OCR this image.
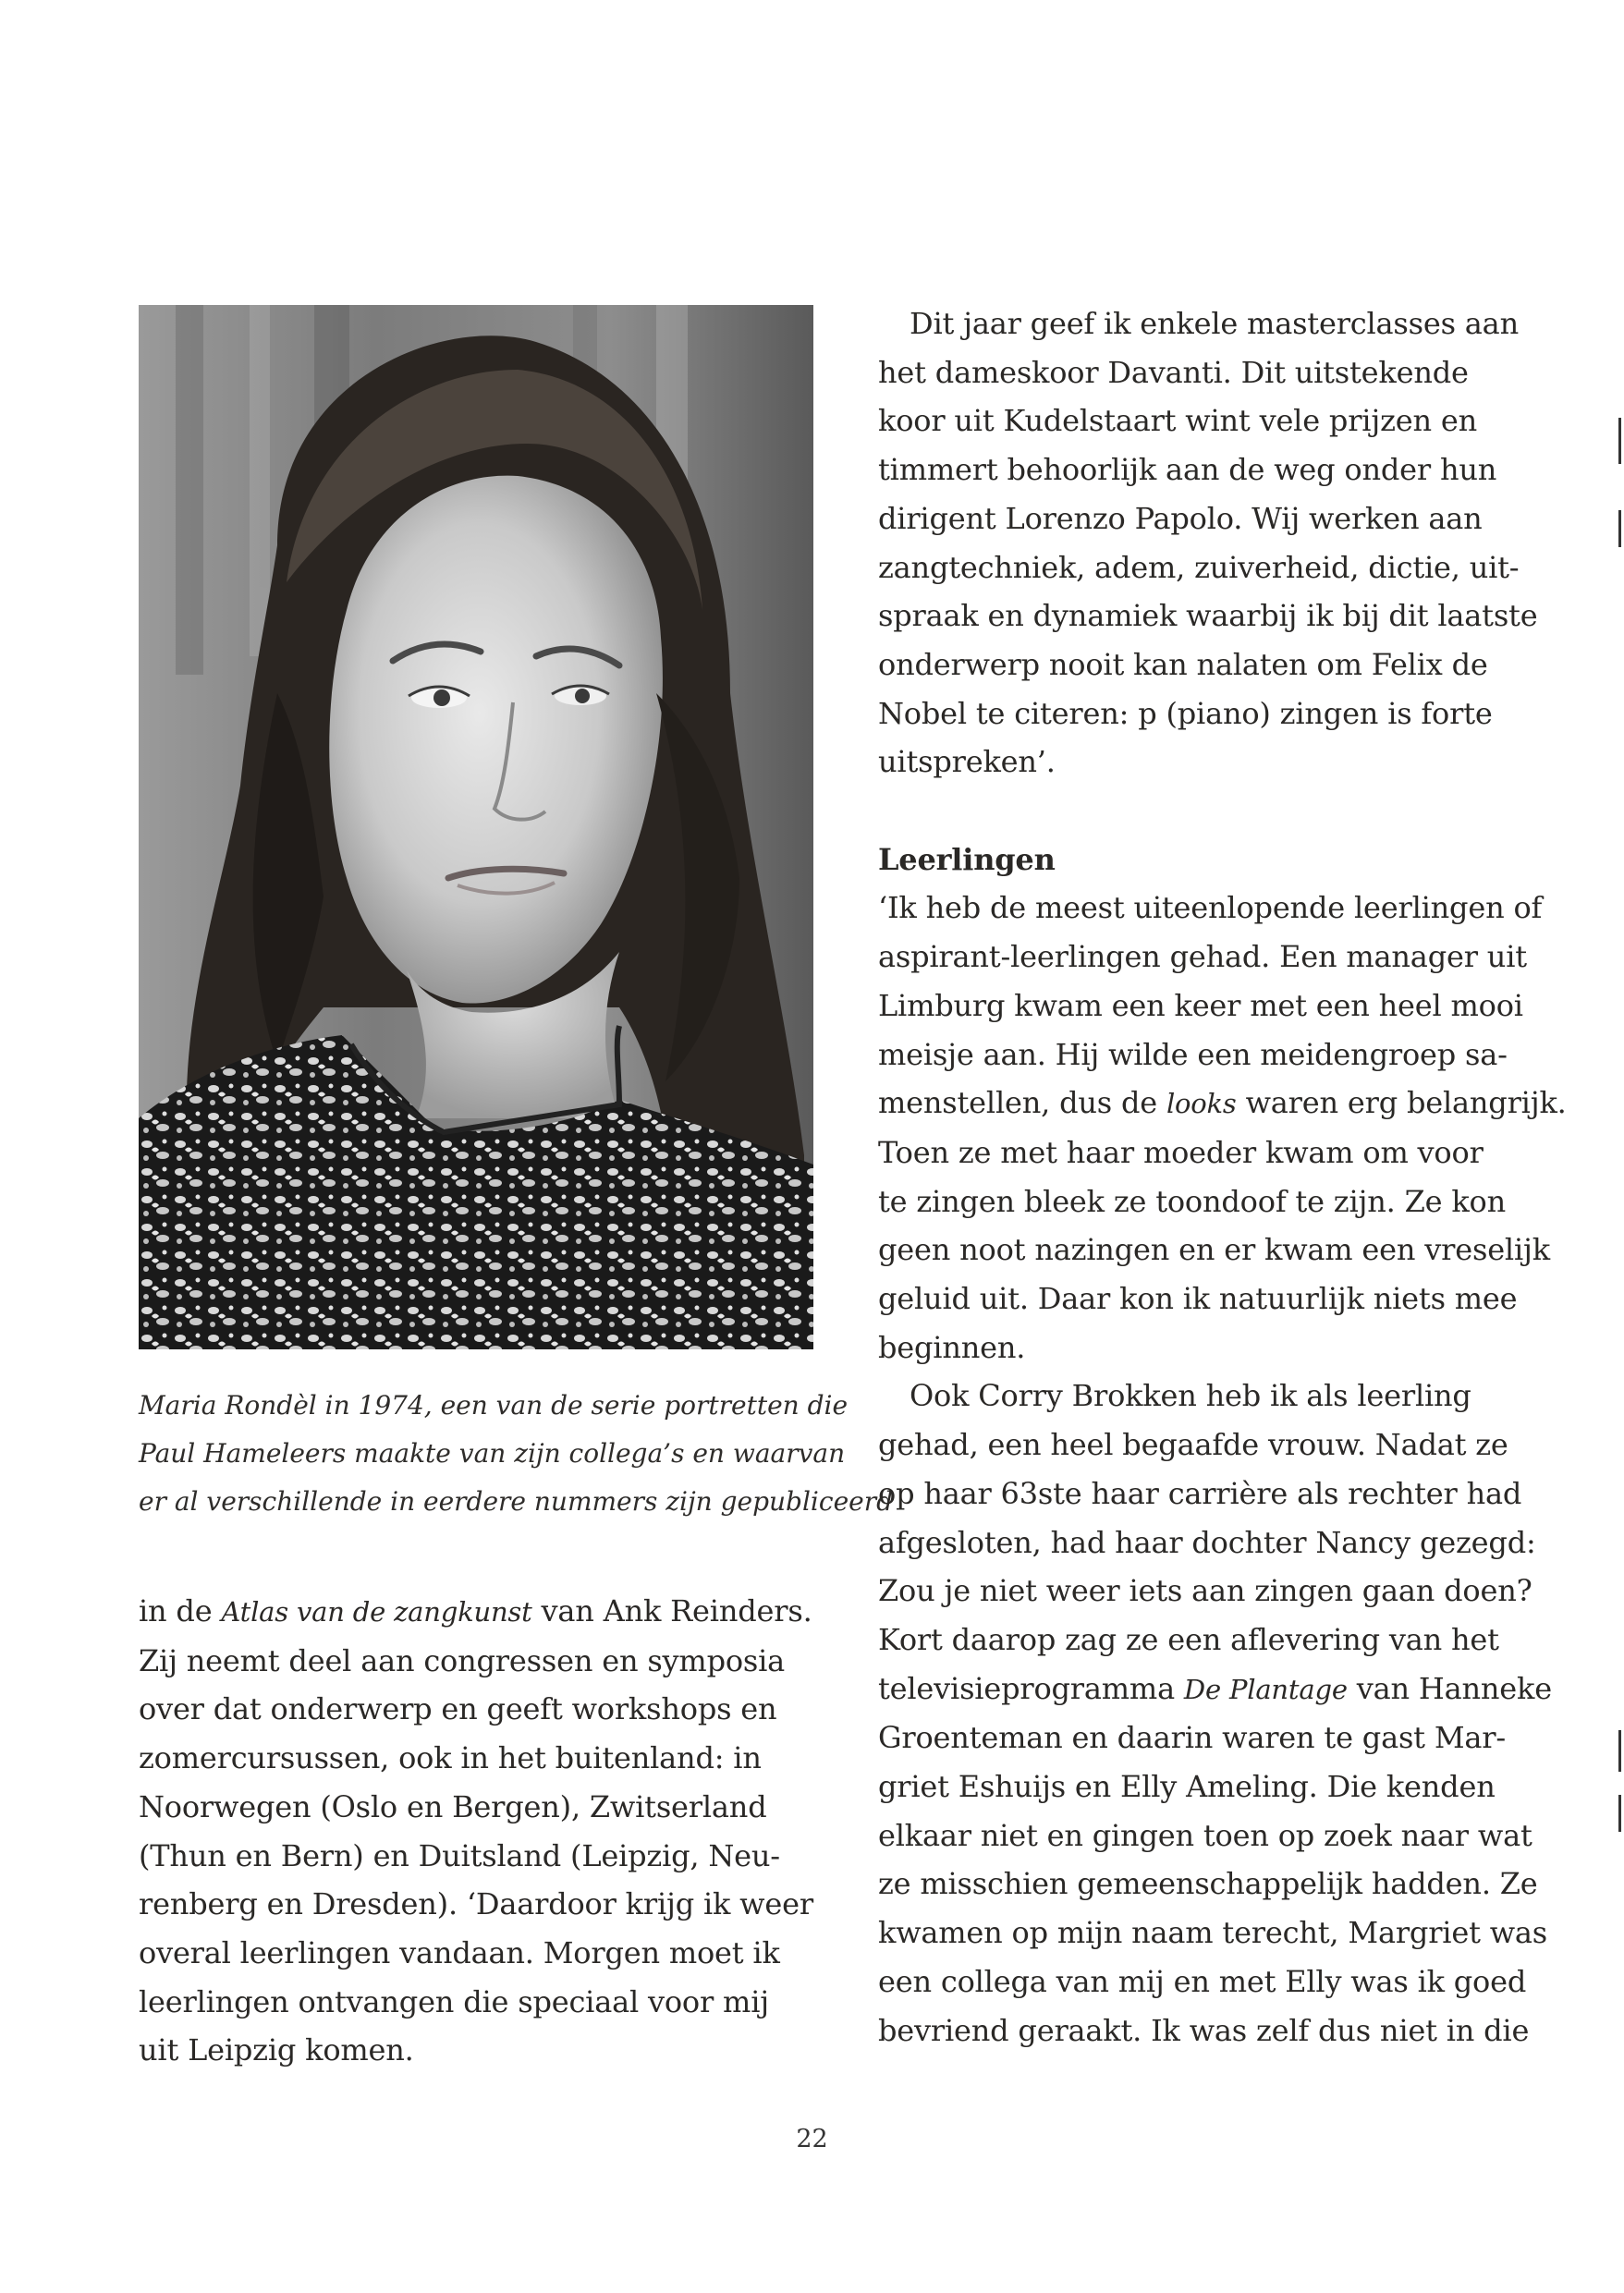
Maria Rondèl in 1974, een van de serie portretten die
Paul Hameleers maakte van zijn collega’s en waarvan
er al verschillende in eerdere nummers zijn gepubliceerd
in de Atlas van de zangkunst van Ank Reinders.
Zij neemt deel aan congressen en symposia
over dat onderwerp en geeft workshops en
zomercursussen, ook in het buitenland: in
Noorwegen (Oslo en Bergen), Zwitserland
(Thun en Bern) en Duitsland (Leipzig, Neu-
renberg en Dresden). ‘Daardoor krijg ik weer
overal leerlingen vandaan. Morgen moet ik
leerlingen ontvangen die speciaal voor mij
uit Leipzig komen.
Dit jaar geef ik enkele masterclasses aan
het dameskoor Davanti. Dit uitstekende
koor uit Kudelstaart wint vele prijzen en
timmert behoorlijk aan de weg onder hun
dirigent Lorenzo Papolo. Wij werken aan
zangtechniek, adem, zuiverheid, dictie, uit-
spraak en dynamiek waarbij ik bij dit laatste
onderwerp nooit kan nalaten om Felix de
Nobel te citeren: p (piano) zingen is forte
uitspreken’.
Leerlingen
‘Ik heb de meest uiteenlopende leerlingen of
aspirant-leerlingen gehad. Een manager uit
Limburg kwam een keer met een heel mooi
meisje aan. Hij wilde een meidengroep sa-
menstellen, dus de looks waren erg belangrijk.
Toen ze met haar moeder kwam om voor
te zingen bleek ze toondoof te zijn. Ze kon
geen noot nazingen en er kwam een vreselijk
geluid uit. Daar kon ik natuurlijk niets mee
beginnen.
Ook Corry Brokken heb ik als leerling
gehad, een heel begaafde vrouw. Nadat ze
op haar 63ste haar carrière als rechter had
afgesloten, had haar dochter Nancy gezegd:
Zou je niet weer iets aan zingen gaan doen?
Kort daarop zag ze een aflevering van het
televisieprogramma De Plantage van Hanneke
Groenteman en daarin waren te gast Mar-
griet Eshuijs en Elly Ameling. Die kenden
elkaar niet en gingen toen op zoek naar wat
ze misschien gemeenschappelijk hadden. Ze
kwamen op mijn naam terecht, Margriet was
een collega van mij en met Elly was ik goed
bevriend geraakt. Ik was zelf dus niet in die
22
